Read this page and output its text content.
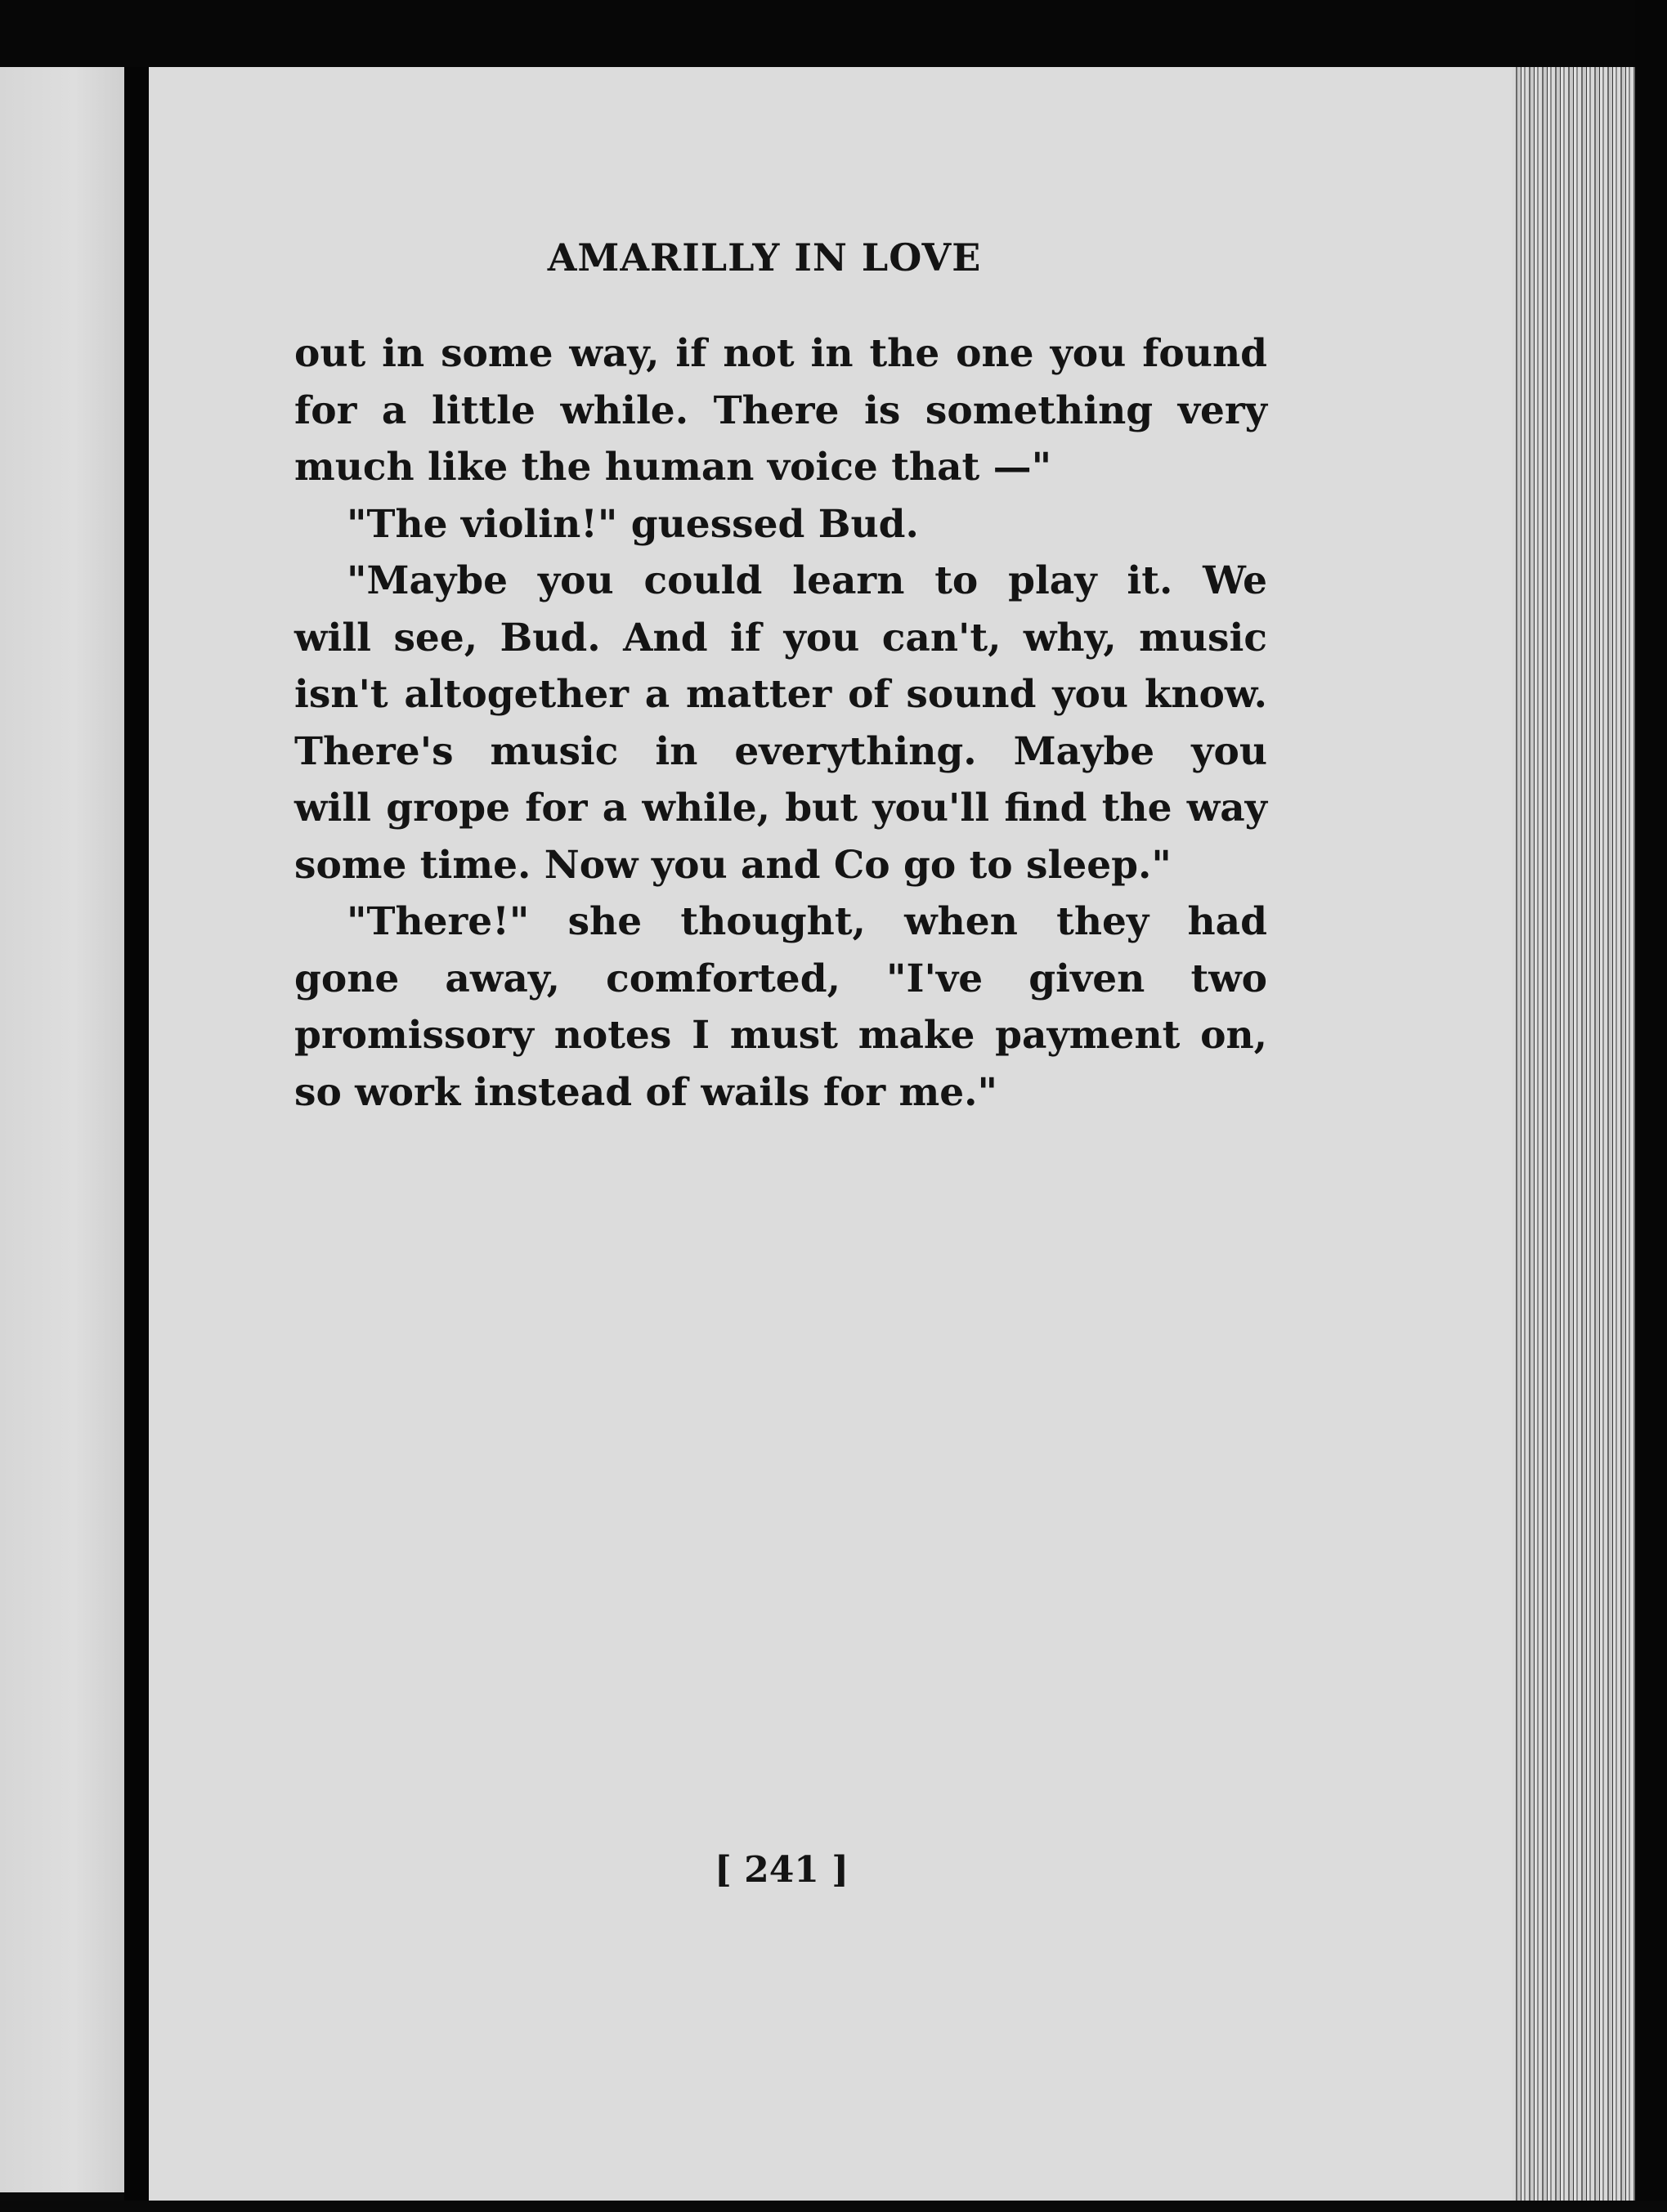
AMARILLY IN LOVE
out in some way, if not in the one you found
for a little while. There is something very
much like the human voice that —"
"The violin!" guessed Bud.
"Maybe you could learn to play it. We
will see, Bud. And if you can't, why, music
isn't altogether a matter of sound you know.
There's music in everything. Maybe you
will grope for a while, but you'll find the way
some time. Now you and Co go to sleep."
"There!" she thought, when they had
gone away, comforted, "I've given two
promissory notes I must make payment on,
so work instead of wails for me."
[ 241 ]
